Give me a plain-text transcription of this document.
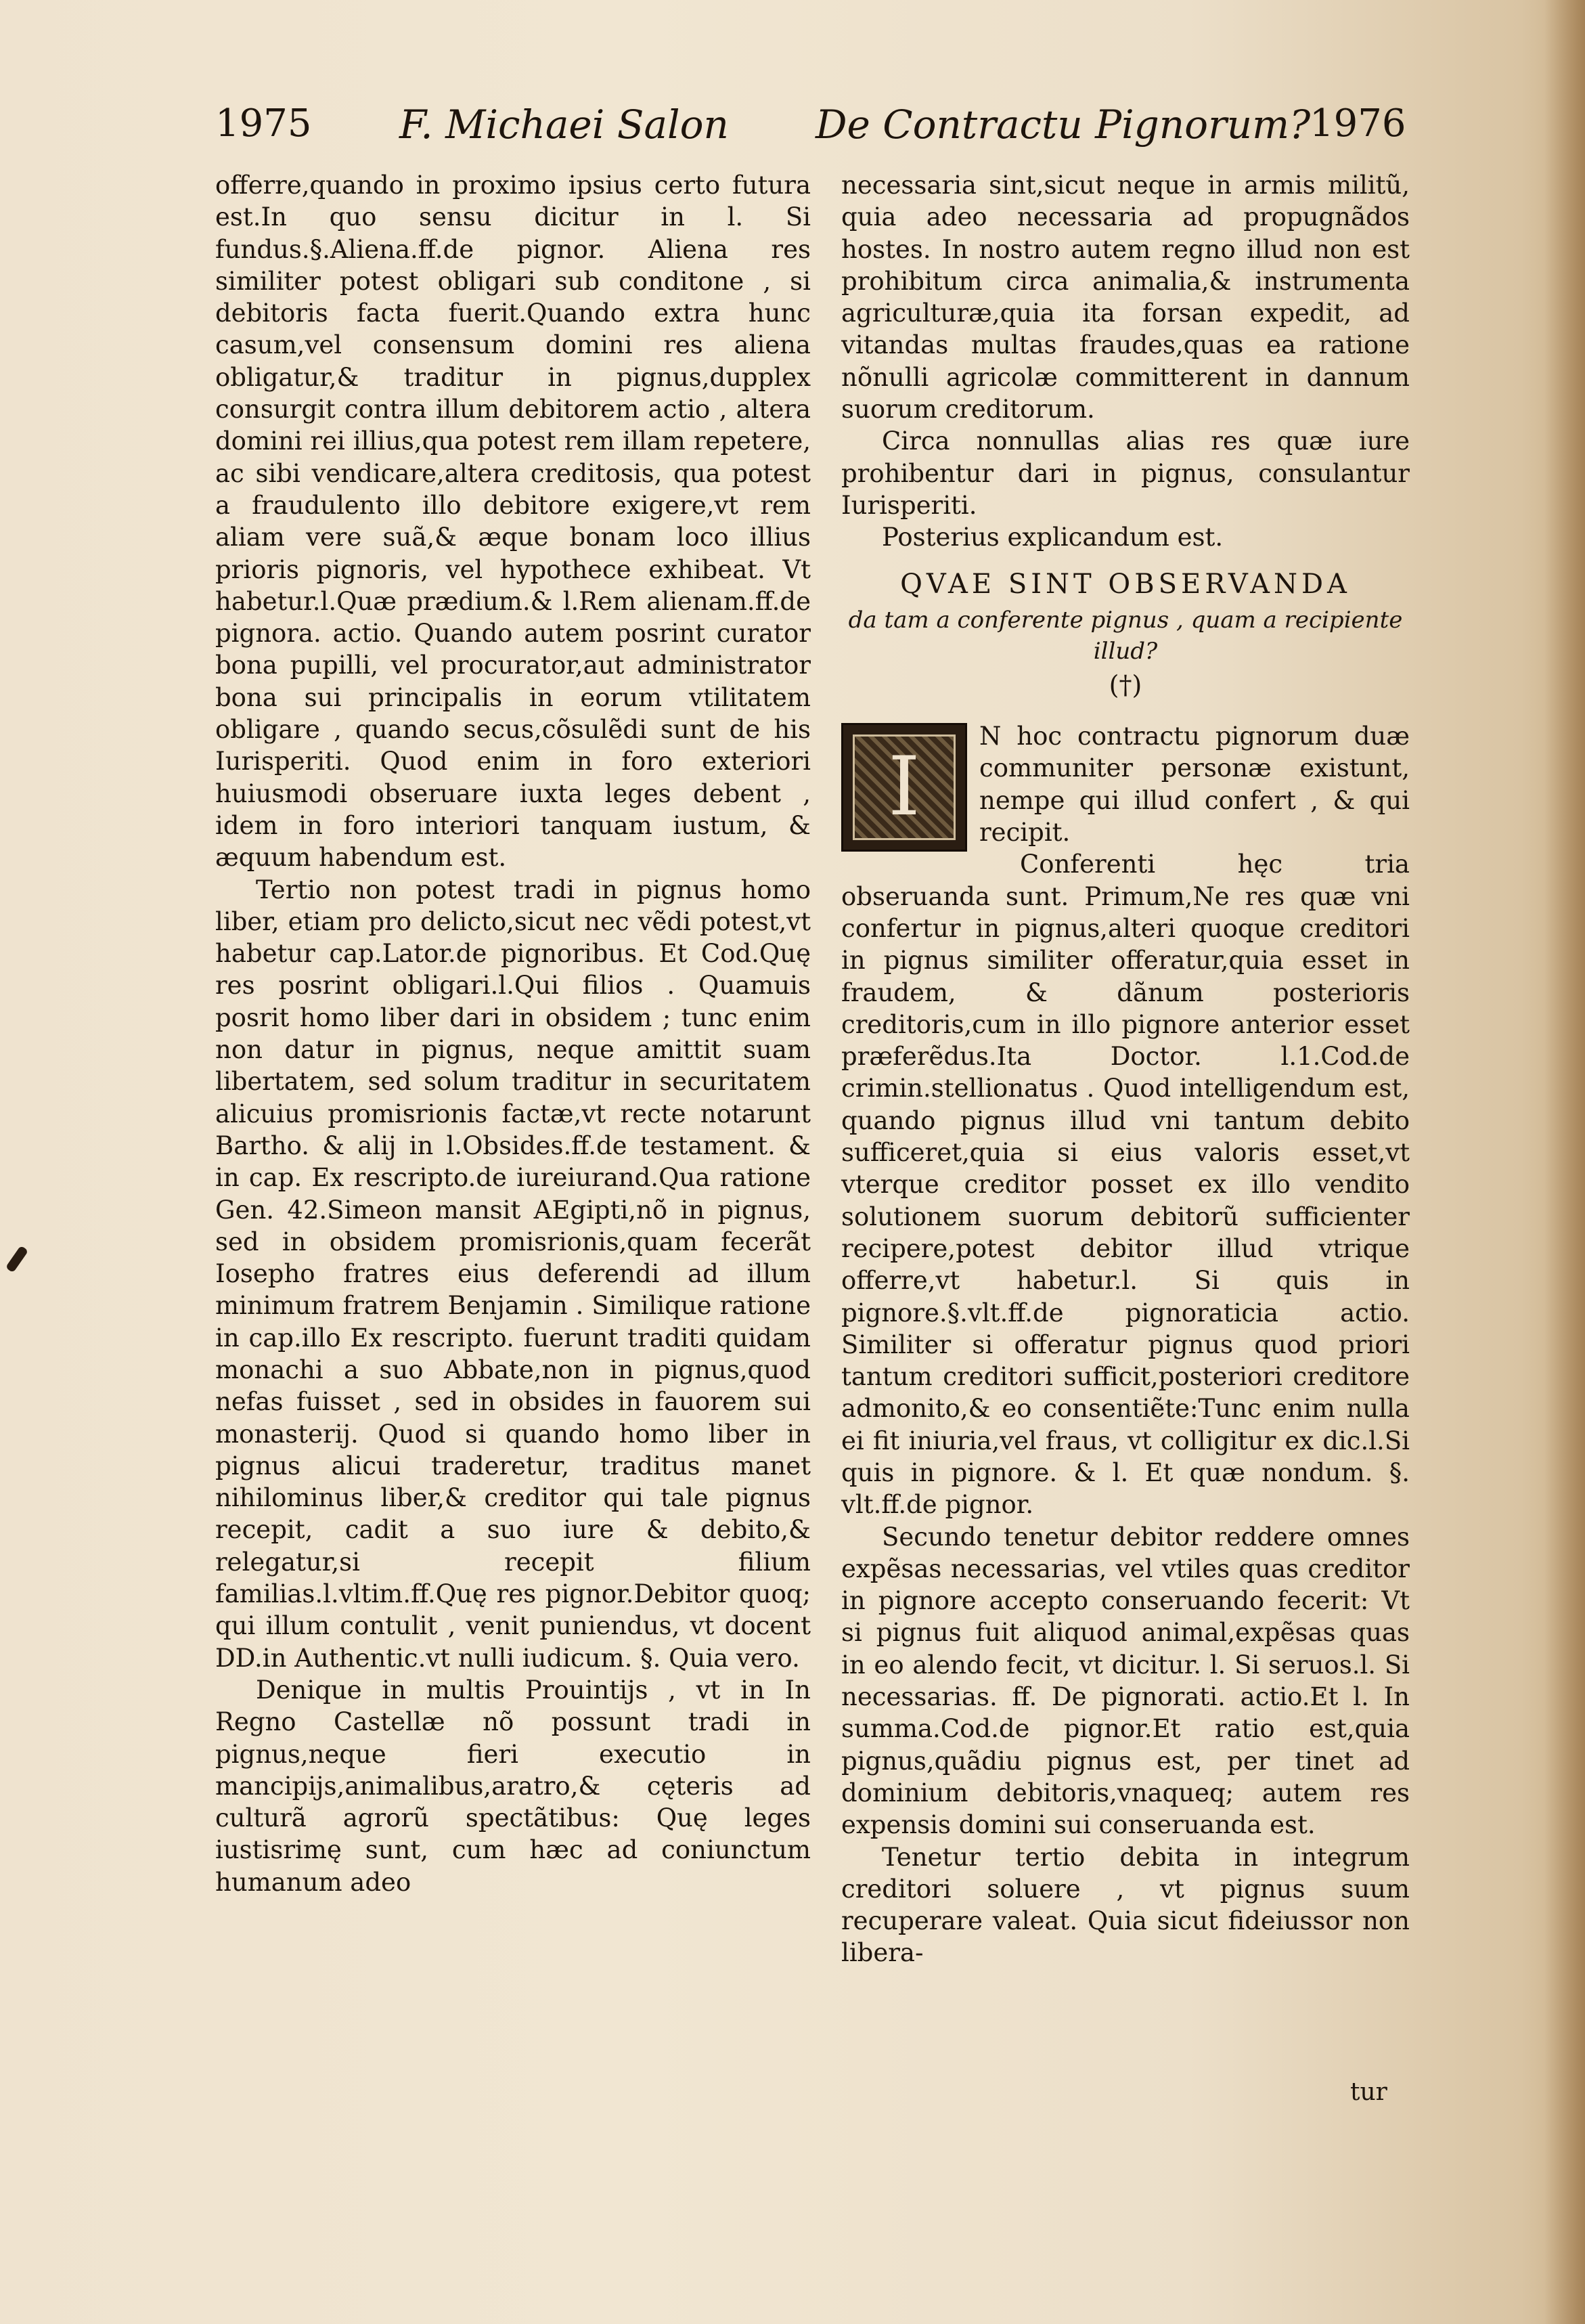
1975 F. Michaei Salon De Contractu Pignorum?
1976

offerre,quando in proximo ipsius certo futura est.In quo sensu dicitur in l. Si fundus.§.Aliena.ff.de pignor. Aliena res similiter potest obligari sub conditone , si debitoris facta fuerit.Quando extra hunc casum,vel consensum domini res aliena obligatur,& traditur in pignus,dupplex consurgit contra illum debitorem actio , altera domini rei illius,qua potest rem illam repetere, ac sibi vendicare,altera creditosis, qua potest a fraudulento illo debitore exigere,vt rem aliam vere suã,& æque bonam loco illius prioris pignoris, vel hypothece exhibeat. Vt habetur.l.Quæ prædium.& l.Rem alienam.ff.de pignora. actio. Quando autem posrint curator bona pupilli, vel procurator,aut administrator bona sui principalis in eorum vtilitatem obligare , quando secus,cõsulẽdi sunt de his Iurisperiti. Quod enim in foro exteriori huiusmodi obseruare iuxta leges debent , idem in foro interiori tanquam iustum, & æquum habendum est.

Tertio non potest tradi in pignus homo liber, etiam pro delicto,sicut nec vẽdi potest,vt habetur cap.Lator.de pignoribus. Et Cod.Quę res posrint obligari.l.Qui filios . Quamuis posrit homo liber dari in obsidem ; tunc enim non datur in pignus, neque amittit suam libertatem, sed solum traditur in securitatem alicuius promisrionis factæ,vt recte notarunt Bartho. & alij in l.Obsides.ff.de testament. & in cap. Ex rescripto.de iureiurand.Qua ratione Gen. 42.Simeon mansit AEgipti,nõ in pignus, sed in obsidem promisrionis,quam fecerãt Iosepho fratres eius deferendi ad illum minimum fratrem Benjamin . Similique ratione in cap.illo Ex rescripto. fuerunt traditi quidam monachi a suo Abbate,non in pignus,quod nefas fuisset , sed in obsides in fauorem sui monasterij. Quod si quando homo liber in pignus alicui traderetur, traditus manet nihilominus liber,& creditor qui tale pignus recepit, cadit a suo iure & debito,& relegatur,si recepit filium familias.l.vltim.ff.Quę res pignor.Debitor quoq; qui illum contulit , venit puniendus, vt docent DD.in Authentic.vt nulli iudicum. §. Quia vero.

Denique in multis Prouintijs , vt in In Regno Castellæ nõ possunt tradi in pignus,neque fieri executio in mancipijs,animalibus,aratro,& cęteris ad culturã agrorũ spectãtibus: Quę leges iustisrimę sunt, cum hæc ad coniunctum humanum adeo

necessaria sint,sicut neque in armis militũ, quia adeo necessaria ad propugnãdos hostes. In nostro autem regno illud non est prohibitum circa animalia,& instrumenta agriculturæ,quia ita forsan expedit, ad vitandas multas fraudes,quas ea ratione nõnulli agricolæ committerent in dannum suorum creditorum.

Circa nonnullas alias res quæ iure prohibentur dari in pignus, consulantur Iurisperiti.

Posterius explicandum est.

QVAE SINT OBSERVANDA

da tam a conferente pignus , quam a recipiente illud?

(†)
I

N hoc contractu pignorum duæ communiter personæ existunt, nempe qui illud confert , & qui recipit.

Conferenti hęc tria obseruanda sunt. Primum,Ne res quæ vni confertur in pignus,alteri quoque creditori in pignus similiter offeratur,quia esset in fraudem, & dãnum posterioris creditoris,cum in illo pignore anterior esset præferẽdus.Ita Doctor. l.1.Cod.de crimin.stellionatus . Quod intelligendum est, quando pignus illud vni tantum debito sufficeret,quia si eius valoris esset,vt vterque creditor posset ex illo vendito solutionem suorum debitorũ sufficienter recipere,potest debitor illud vtrique offerre,vt habetur.l. Si quis in pignore.§.vlt.ff.de pignoraticia actio. Similiter si offeratur pignus quod priori tantum creditori sufficit,posteriori creditore admonito,& eo consentiẽte:Tunc enim nulla ei fit iniuria,vel fraus, vt colligitur ex dic.l.Si quis in pignore. & l. Et quæ nondum. §. vlt.ff.de pignor.

Secundo tenetur debitor reddere omnes expẽsas necessarias, vel vtiles quas creditor in pignore accepto conseruando fecerit: Vt si pignus fuit aliquod animal,expẽsas quas in eo alendo fecit, vt dicitur. l. Si seruos.l. Si necessarias. ff. De pignorati. actio.Et l. In summa.Cod.de pignor.Et ratio est,quia pignus,quãdiu pignus est, per tinet ad dominium debitoris,vnaqueq; autem res expensis domini sui conseruanda est.

Tenetur tertio debita in integrum creditori soluere , vt pignus suum recuperare valeat. Quia sicut fideiussor non libera-

tur
